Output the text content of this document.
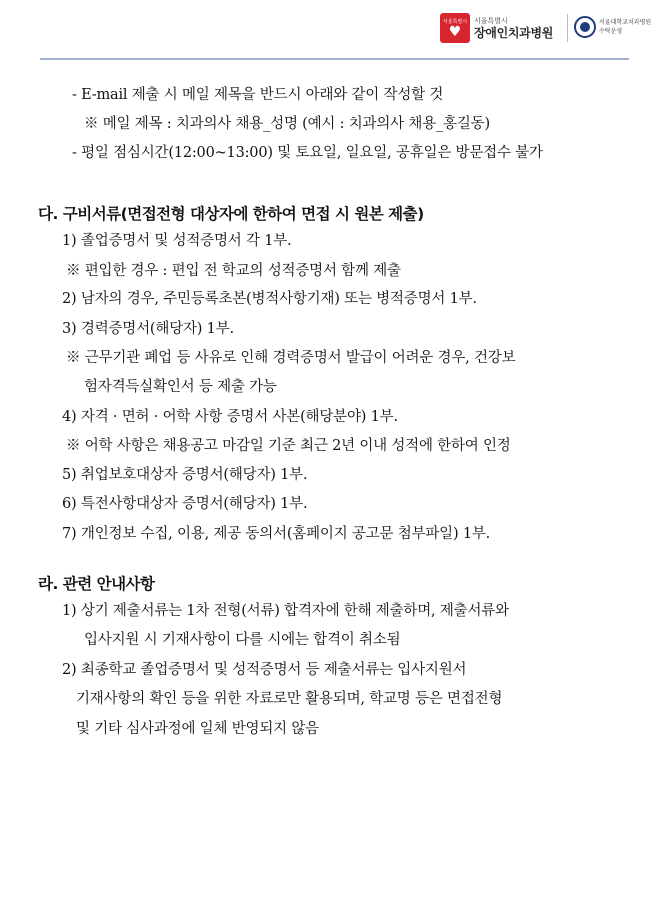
서울특별시
♥
서울특별시
장애인치과병원
서울대학교치과병원
수탁운영
- E-mail 제출 시 메일 제목을 반드시 아래와 같이 작성할 것
※ 메일 제목 : 치과의사 채용_성명 (예시 : 치과의사 채용_홍길동)
- 평일 점심시간(12:00~13:00) 및 토요일, 일요일, 공휴일은 방문접수 불가
다. 구비서류(면접전형 대상자에 한하여 면접 시 원본 제출)
1) 졸업증명서 및 성적증명서 각 1부.
※ 편입한 경우 : 편입 전 학교의 성적증명서 함께 제출
2) 남자의 경우, 주민등록초본(병적사항기재) 또는 병적증명서 1부.
3) 경력증명서(해당자) 1부.
※ 근무기관 폐업 등 사유로 인해 경력증명서 발급이 어려운 경우, 건강보
험자격득실확인서 등 제출 가능
4) 자격 · 면허 · 어학 사항 증명서 사본(해당분야) 1부.
※ 어학 사항은 채용공고 마감일 기준 최근 2년 이내 성적에 한하여 인정
5) 취업보호대상자 증명서(해당자) 1부.
6) 특전사항대상자 증명서(해당자) 1부.
7) 개인정보 수집, 이용, 제공 동의서(홈페이지 공고문 첨부파일) 1부.
라. 관련 안내사항
1) 상기 제출서류는 1차 전형(서류) 합격자에 한해 제출하며, 제출서류와
입사지원 시 기재사항이 다를 시에는 합격이 취소됨
2) 최종학교 졸업증명서 및 성적증명서 등 제출서류는 입사지원서
기재사항의 확인 등을 위한 자료로만 활용되며, 학교명 등은 면접전형
및 기타 심사과정에 일체 반영되지 않음
